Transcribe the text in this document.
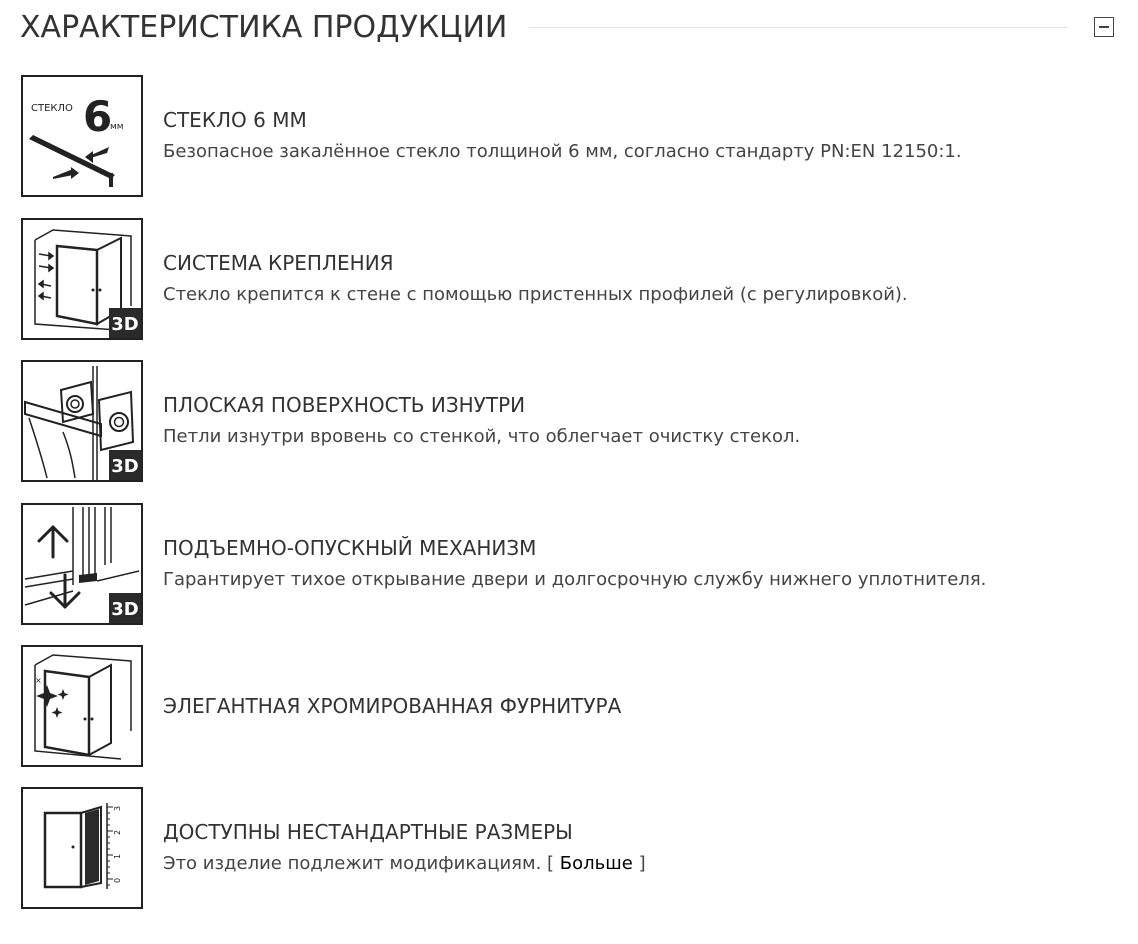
ХАРАКТЕРИСТИКА ПРОДУКЦИИ
СТЕКЛО 6
мм СТЕКЛО 6 ММ
Безопасное закалённое стекло толщиной 6 мм, согласно стандарту PN:EN 12150:1.
3D
СИСТЕМА КРЕПЛЕНИЯ
Стекло крепится к стене с помощью пристенных профилей (с регулировкой).
3D
ПЛОСКАЯ ПОВЕРХНОСТЬ ИЗНУТРИ
Петли изнутри вровень со стенкой, что облегчает очистку стекол.
3D
ПОДЪЕМНО-ОПУСКНЫЙ МЕХАНИЗМ
Гарантирует тихое открывание двери и долгосрочную службу нижнего уплотнителя.
×
ЭЛЕГАНТНАЯ ХРОМИРОВАННАЯ ФУРНИТУРА
0
1
2
3
ДОСТУПНЫ НЕСТАНДАРТНЫЕ РАЗМЕРЫ
Это изделие подлежит модификациям. [ Больше ]
